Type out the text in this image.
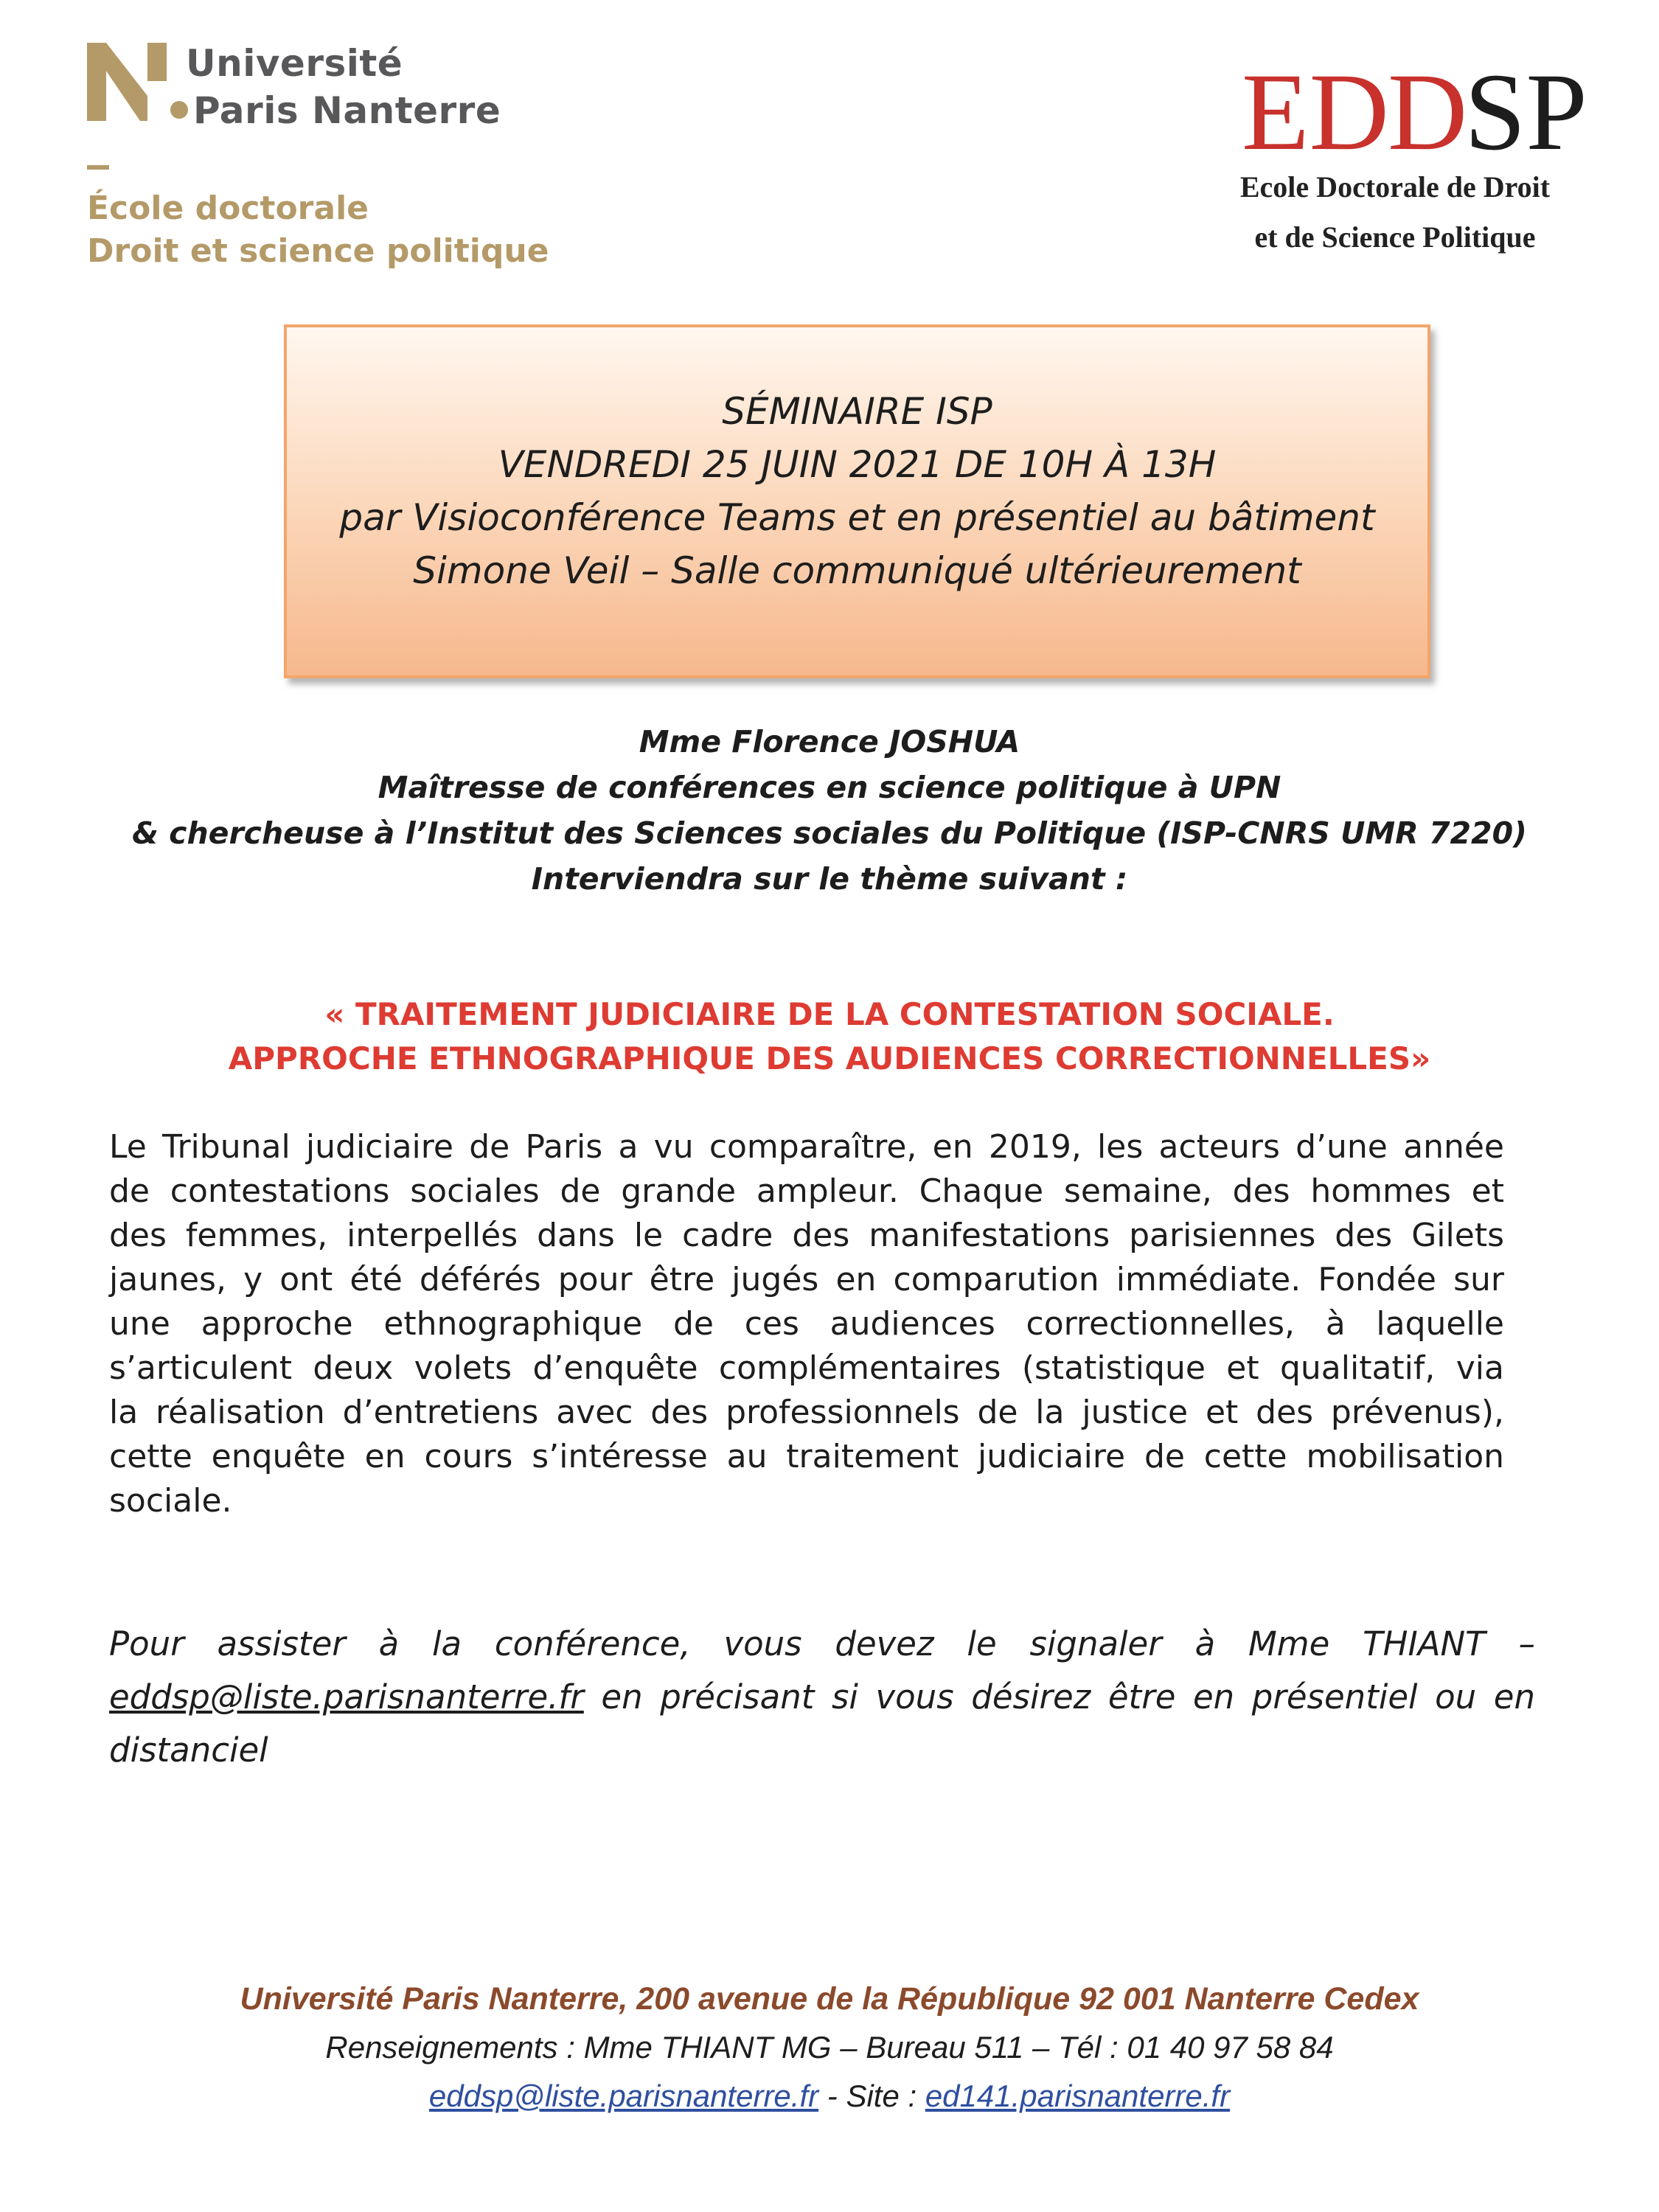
Université
Paris Nanterre
École doctorale
Droit et science politique
ED
D
SP
Ecole Doctorale de Droit
et de Science Politique
SÉMINAIRE ISP
VENDREDI 25 JUIN 2021 DE 10H À 13H
par Visioconférence Teams et en présentiel au bâtiment
Simone Veil – Salle communiqué ultérieurement
Mme Florence JOSHUA
Maîtresse de conférences en science politique à UPN
& chercheuse à l’Institut des Sciences sociales du Politique (ISP-CNRS UMR 7220)
Interviendra sur le thème suivant :
« TRAITEMENT JUDICIAIRE DE LA CONTESTATION SOCIALE.
APPROCHE ETHNOGRAPHIQUE DES AUDIENCES CORRECTIONNELLES»
Le Tribunal judiciaire de Paris a vu comparaître, en 2019, les acteurs d’une année
de contestations sociales de grande ampleur. Chaque semaine, des hommes et
des femmes, interpellés dans le cadre des manifestations parisiennes des Gilets
jaunes, y ont été déférés pour être jugés en comparution immédiate. Fondée sur
une approche ethnographique de ces audiences correctionnelles, à laquelle
s’articulent deux volets d’enquête complémentaires (statistique et qualitatif, via
la réalisation d’entretiens avec des professionnels de la justice et des prévenus),
cette enquête en cours s’intéresse au traitement judiciaire de cette mobilisation
sociale.
Pour assister à la conférence, vous devez le signaler à Mme THIANT –
eddsp@liste.parisnanterre.fr en précisant si vous désirez être en présentiel ou en
distanciel
Université Paris Nanterre, 200 avenue de la République 92 001 Nanterre Cedex
Renseignements : Mme THIANT MG – Bureau 511 – Tél : 01 40 97 58 84
eddsp@liste.parisnanterre.fr - Site : ed141.parisnanterre.fr
